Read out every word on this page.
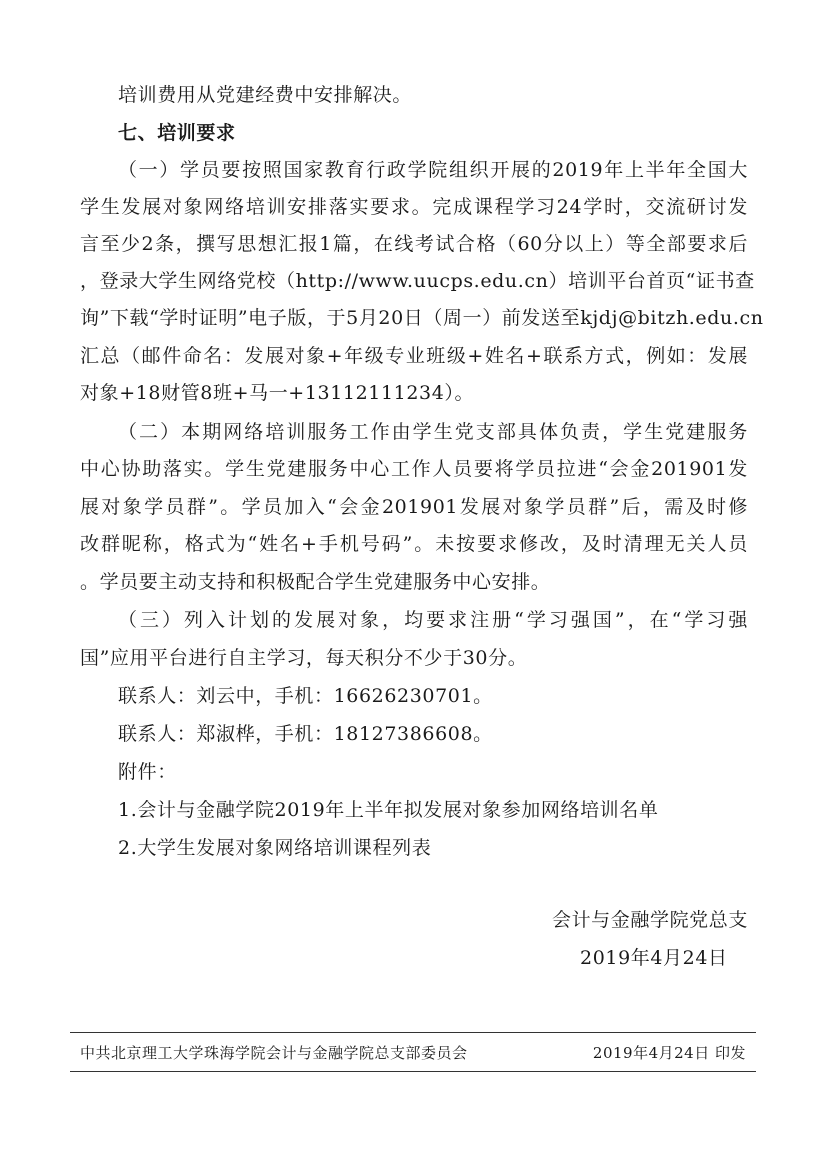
培训费用从党建经费中安排解决。
七、培训要求
（一）学员要按照国家教育行政学院组织开展的2019年上半年全国大
学生发展对象网络培训安排落实要求。完成课程学习24学时，交流研讨发
言至少2条，撰写思想汇报1篇，在线考试合格（60分以上）等全部要求后
，登录大学生网络党校（http://www.uucps.edu.cn）培训平台首页“证书查
询”下载“学时证明”电子版，于5月20日（周一）前发送至kjdj@bitzh.edu.cn
汇总（邮件命名：发展对象+年级专业班级+姓名+联系方式，例如：发展
对象+18财管8班+马一+13112111234）。
（二）本期网络培训服务工作由学生党支部具体负责，学生党建服务
中心协助落实。学生党建服务中心工作人员要将学员拉进“会金201901发
展对象学员群”。学员加入“会金201901发展对象学员群”后，需及时修
改群昵称，格式为“姓名+手机号码”。未按要求修改，及时清理无关人员
。学员要主动支持和积极配合学生党建服务中心安排。
（三）列入计划的发展对象，均要求注册“学习强国”，在“学习强
国”应用平台进行自主学习，每天积分不少于30分。
联系人：刘云中，手机：16626230701。
联系人：郑淑桦，手机：18127386608。
附件：
1.会计与金融学院2019年上半年拟发展对象参加网络培训名单
2.大学生发展对象网络培训课程列表
会计与金融学院党总支
2019年4月24日
中共北京理工大学珠海学院会计与金融学院总支部委员会	2019年4月24日 印发
